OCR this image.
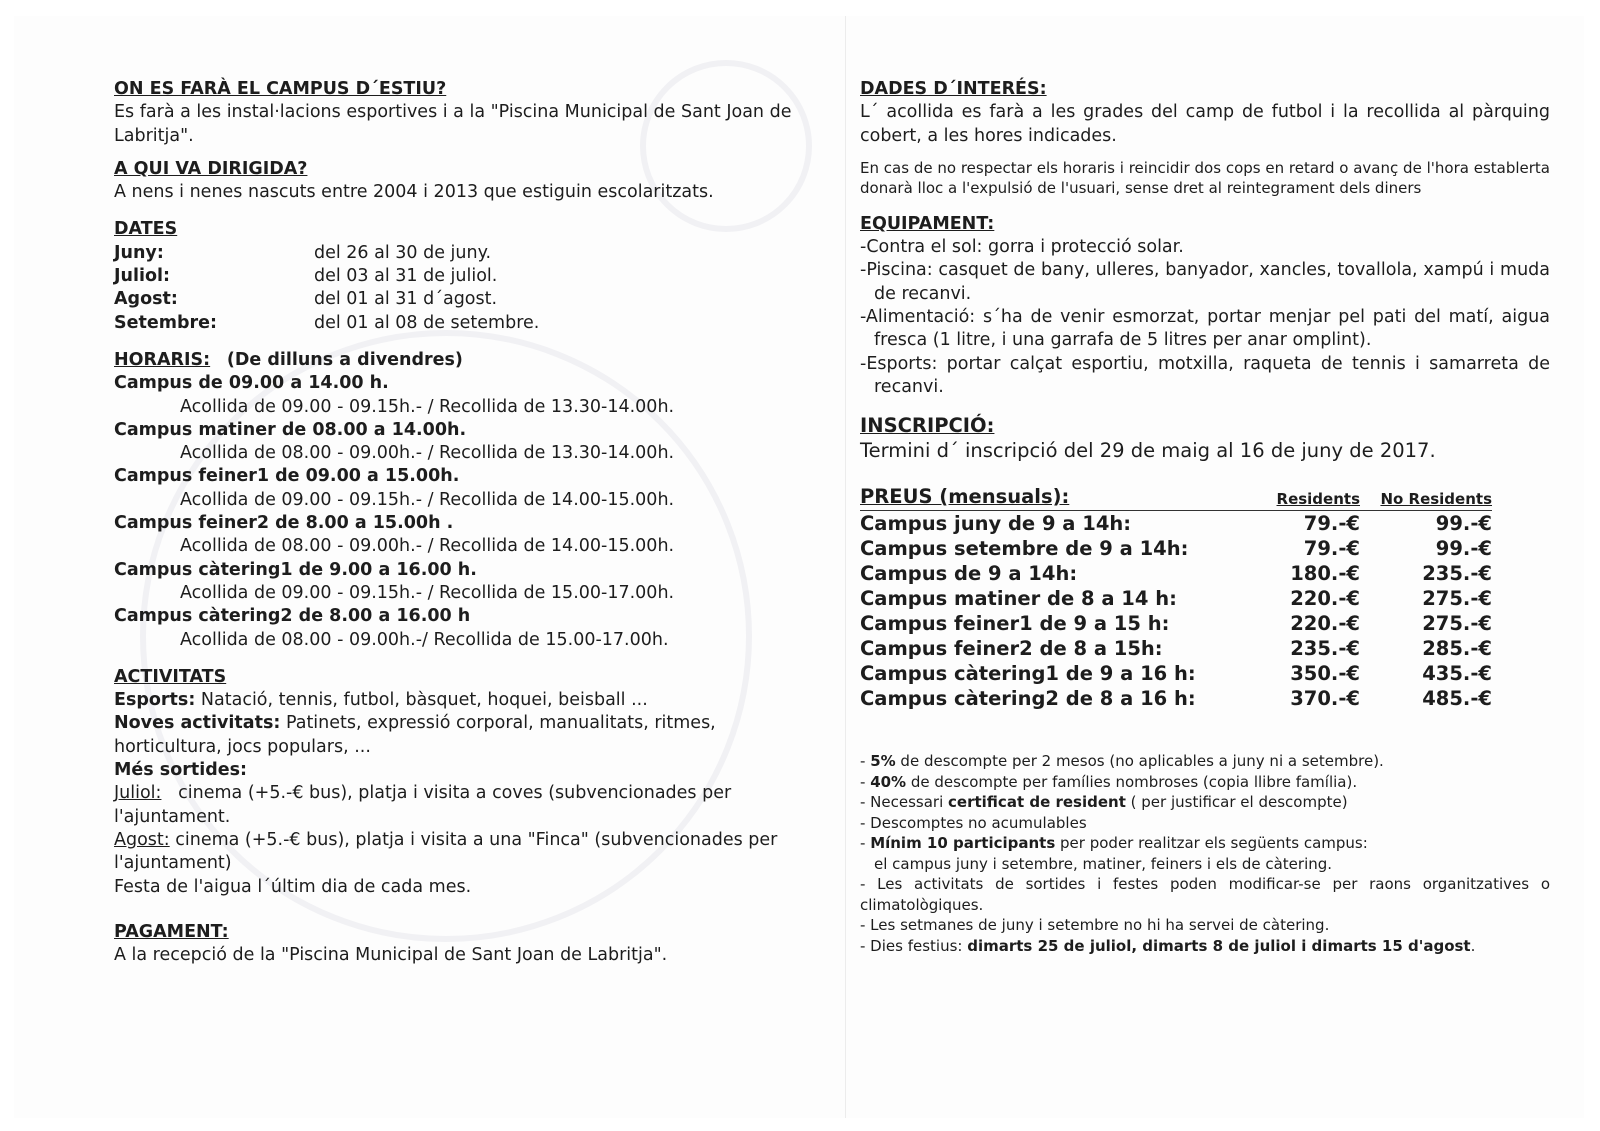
ON ES FARÀ EL CAMPUS D´ESTIU?

Es farà a les instal·lacions esportives i a la "Piscina Municipal de Sant Joan de Labritja".

A QUI VA DIRIGIDA?

A nens i nenes nascuts entre 2004 i 2013 que estiguin escolaritzats.

DATES
Juny:	del 26 al 30 de juny.
Juliol:	del 03 al 31 de juliol.
Agost:	del 01 al 31 d´agost.
Setembre:	del 01 al 08 de setembre.

HORARIS: (De dilluns a divendres)

Campus de 09.00 a 14.00 h.

Acollida de 09.00 - 09.15h.- / Recollida de 13.30-14.00h.

Campus matiner de 08.00 a 14.00h.

Acollida de 08.00 - 09.00h.- / Recollida de 13.30-14.00h.

Campus feiner1 de 09.00 a 15.00h.

Acollida de 09.00 - 09.15h.- / Recollida de 14.00-15.00h.

Campus feiner2 de 8.00 a 15.00h .

Acollida de 08.00 - 09.00h.- / Recollida de 14.00-15.00h.

Campus càtering1 de 9.00 a 16.00 h.

Acollida de 09.00 - 09.15h.- / Recollida de 15.00-17.00h.

Campus càtering2 de 8.00 a 16.00 h

Acollida de 08.00 - 09.00h.-/ Recollida de 15.00-17.00h.

ACTIVITATS

Esports: Natació, tennis, futbol, bàsquet, hoquei, beisball ...

Noves activitats: Patinets, expressió corporal, manualitats, ritmes, horticultura, jocs populars, ...

Més sortides:

Juliol: cinema (+5.-€ bus), platja i visita a coves (subvencionades per l'ajuntament.

Agost: cinema (+5.-€ bus), platja i visita a una "Finca" (subvencionades per l'ajuntament)

Festa de l'aigua l´últim dia de cada mes.

PAGAMENT:

A la recepció de la "Piscina Municipal de Sant Joan de Labritja".

DADES D´INTERÉS:

L´ acollida es farà a les grades del camp de futbol i la recollida al pàrquing cobert, a les hores indicades.

En cas de no respectar els horaris i reincidir dos cops en retard o avanç de l'hora establerta donarà lloc a l'expulsió de l'usuari, sense dret al reintegrament dels diners

EQUIPAMENT:

-Contra el sol: gorra i protecció solar.

-Piscina: casquet de bany, ulleres, banyador, xancles, tovallola, xampú i muda de recanvi.

-Alimentació: s´ha de venir esmorzat, portar menjar pel pati del matí, aigua fresca (1 litre, i una garrafa de 5 litres per anar omplint).

-Esports: portar calçat esportiu, motxilla, raqueta de tennis i samarreta de recanvi.

INSCRIPCIÓ:

Termini d´ inscripció del 29 de maig al 16 de juny de 2017.

PREUS (mensuals):	Residents	No Residents
Campus juny de 9 a 14h:	79.-€	99.-€
Campus setembre de 9 a 14h:	79.-€	99.-€
Campus de 9 a 14h:	180.-€	235.-€
Campus matiner de 8 a 14 h:	220.-€	275.-€
Campus feiner1 de 9 a 15 h:	220.-€	275.-€
Campus feiner2 de 8 a 15h:	235.-€	285.-€
Campus càtering1 de 9 a 16 h:	350.-€	435.-€
Campus càtering2 de 8 a 16 h:	370.-€	485.-€

- 5% de descompte per 2 mesos (no aplicables a juny ni a setembre).

- 40% de descompte per famílies nombroses (copia llibre família).

- Necessari certificat de resident ( per justificar el descompte)

- Descomptes no acumulables

- Mínim 10 participants per poder realitzar els següents campus:

el campus juny i setembre, matiner, feiners i els de càtering.

- Les activitats de sortides i festes poden modificar-se per raons organitzatives o climatològiques.

- Les setmanes de juny i setembre no hi ha servei de càtering.

- Dies festius: dimarts 25 de juliol, dimarts 8 de juliol i dimarts 15 d'agost.
